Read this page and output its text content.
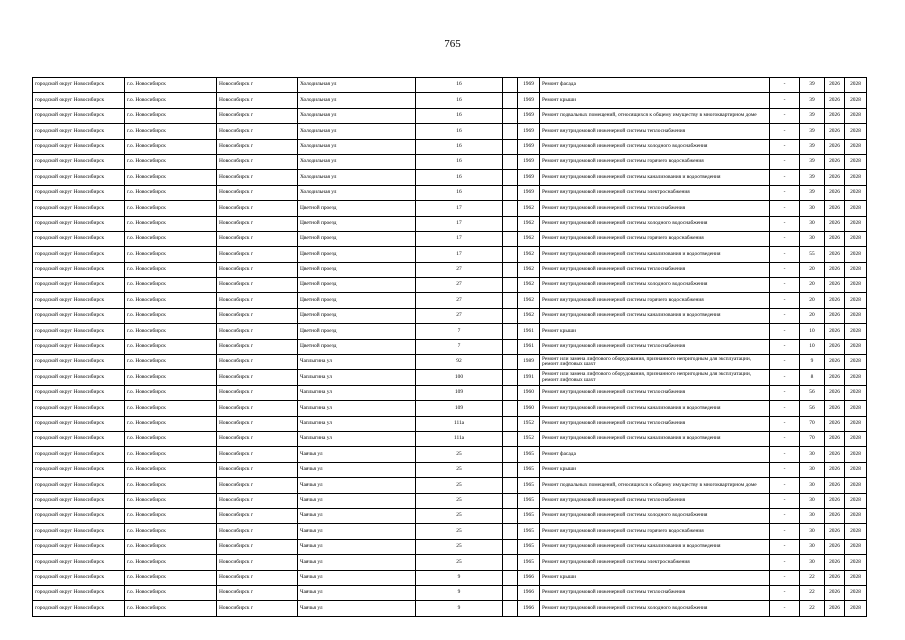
765
городской округ Новосибирск	г.о. Новосибирск	Новосибирск г	Холодильная ул	16		1969	Ремонт фасада	-	39	2026	2028
городской округ Новосибирск	г.о. Новосибирск	Новосибирск г	Холодильная ул	16		1969	Ремонт крыши	-	39	2026	2028
городской округ Новосибирск	г.о. Новосибирск	Новосибирск г	Холодильная ул	16		1969	Ремонт подвальных помещений, относящихся к общему имуществу в многоквартирном доме	-	39	2026	2028
городской округ Новосибирск	г.о. Новосибирск	Новосибирск г	Холодильная ул	16		1969	Ремонт внутридомовой инженерной системы теплоснабжения	-	39	2026	2028
городской округ Новосибирск	г.о. Новосибирск	Новосибирск г	Холодильная ул	16		1969	Ремонт внутридомовой инженерной системы холодного водоснабжения	-	39	2026	2028
городской округ Новосибирск	г.о. Новосибирск	Новосибирск г	Холодильная ул	16		1969	Ремонт внутридомовой инженерной системы горячего водоснабжения	-	39	2026	2028
городской округ Новосибирск	г.о. Новосибирск	Новосибирск г	Холодильная ул	16		1969	Ремонт внутридомовой инженерной системы канализования и водоотведения	-	39	2026	2028
городской округ Новосибирск	г.о. Новосибирск	Новосибирск г	Холодильная ул	16		1969	Ремонт внутридомовой инженерной системы электроснабжения	-	39	2026	2028
городской округ Новосибирск	г.о. Новосибирск	Новосибирск г	Цветной проезд	17		1962	Ремонт внутридомовой инженерной системы теплоснабжения	-	30	2026	2028
городской округ Новосибирск	г.о. Новосибирск	Новосибирск г	Цветной проезд	17		1962	Ремонт внутридомовой инженерной системы холодного водоснабжения	-	30	2026	2028
городской округ Новосибирск	г.о. Новосибирск	Новосибирск г	Цветной проезд	17		1962	Ремонт внутридомовой инженерной системы горячего водоснабжения	-	30	2026	2028
городской округ Новосибирск	г.о. Новосибирск	Новосибирск г	Цветной проезд	17		1962	Ремонт внутридомовой инженерной системы канализования и водоотведения	-	55	2026	2028
городской округ Новосибирск	г.о. Новосибирск	Новосибирск г	Цветной проезд	27		1962	Ремонт внутридомовой инженерной системы теплоснабжения	-	20	2026	2028
городской округ Новосибирск	г.о. Новосибирск	Новосибирск г	Цветной проезд	27		1962	Ремонт внутридомовой инженерной системы холодного водоснабжения	-	20	2026	2028
городской округ Новосибирск	г.о. Новосибирск	Новосибирск г	Цветной проезд	27		1962	Ремонт внутридомовой инженерной системы горячего водоснабжения	-	20	2026	2028
городской округ Новосибирск	г.о. Новосибирск	Новосибирск г	Цветной проезд	27		1962	Ремонт внутридомовой инженерной системы канализования и водоотведения	-	20	2026	2028
городской округ Новосибирск	г.о. Новосибирск	Новосибирск г	Цветной проезд	7		1961	Ремонт крыши	-	10	2026	2028
городской округ Новосибирск	г.о. Новосибирск	Новосибирск г	Цветной проезд	7		1961	Ремонт внутридомовой инженерной системы теплоснабжения	-	10	2026	2028
городской округ Новосибирск	г.о. Новосибирск	Новосибирск г	Чаплыгина ул	92		1989	Ремонт или замена лифтового оборудования, признанного непригодным для эксплуатации, ремонт лифтовых шахт	-	9	2026	2028
городской округ Новосибирск	г.о. Новосибирск	Новосибирск г	Чаплыгина ул	100		1991	Ремонт или замена лифтового оборудования, признанного непригодным для эксплуатации, ремонт лифтовых шахт	-	8	2026	2028
городской округ Новосибирск	г.о. Новосибирск	Новосибирск г	Чаплыгина ул	109		1960	Ремонт внутридомовой инженерной системы теплоснабжения	-	56	2026	2028
городской округ Новосибирск	г.о. Новосибирск	Новосибирск г	Чаплыгина ул	109		1960	Ремонт внутридомовой инженерной системы канализования и водоотведения	-	56	2026	2028
городской округ Новосибирск	г.о. Новосибирск	Новосибирск г	Чаплыгина ул	111а		1952	Ремонт внутридомовой инженерной системы теплоснабжения	-	70	2026	2028
городской округ Новосибирск	г.о. Новосибирск	Новосибирск г	Чаплыгина ул	111а		1952	Ремонт внутридомовой инженерной системы канализования и водоотведения	-	70	2026	2028
городской округ Новосибирск	г.о. Новосибирск	Новосибирск г	Чаячья ул	25		1965	Ремонт фасада	-	30	2026	2028
городской округ Новосибирск	г.о. Новосибирск	Новосибирск г	Чаячья ул	25		1965	Ремонт крыши	-	30	2026	2028
городской округ Новосибирск	г.о. Новосибирск	Новосибирск г	Чаячья ул	25		1965	Ремонт подвальных помещений, относящихся к общему имуществу в многоквартирном доме	-	30	2026	2028
городской округ Новосибирск	г.о. Новосибирск	Новосибирск г	Чаячья ул	25		1965	Ремонт внутридомовой инженерной системы теплоснабжения	-	30	2026	2028
городской округ Новосибирск	г.о. Новосибирск	Новосибирск г	Чаячья ул	25		1965	Ремонт внутридомовой инженерной системы холодного водоснабжения	-	30	2026	2028
городской округ Новосибирск	г.о. Новосибирск	Новосибирск г	Чаячья ул	25		1965	Ремонт внутридомовой инженерной системы горячего водоснабжения	-	30	2026	2028
городской округ Новосибирск	г.о. Новосибирск	Новосибирск г	Чаячья ул	25		1965	Ремонт внутридомовой инженерной системы канализования и водоотведения	-	30	2026	2028
городской округ Новосибирск	г.о. Новосибирск	Новосибирск г	Чаячья ул	25		1965	Ремонт внутридомовой инженерной системы электроснабжения	-	30	2026	2028
городской округ Новосибирск	г.о. Новосибирск	Новосибирск г	Чаячья ул	9		1966	Ремонт крыши	-	22	2026	2028
городской округ Новосибирск	г.о. Новосибирск	Новосибирск г	Чаячья ул	9		1966	Ремонт внутридомовой инженерной системы теплоснабжения	-	22	2026	2028
городской округ Новосибирск	г.о. Новосибирск	Новосибирск г	Чаячья ул	9		1966	Ремонт внутридомовой инженерной системы холодного водоснабжения	-	22	2026	2028
